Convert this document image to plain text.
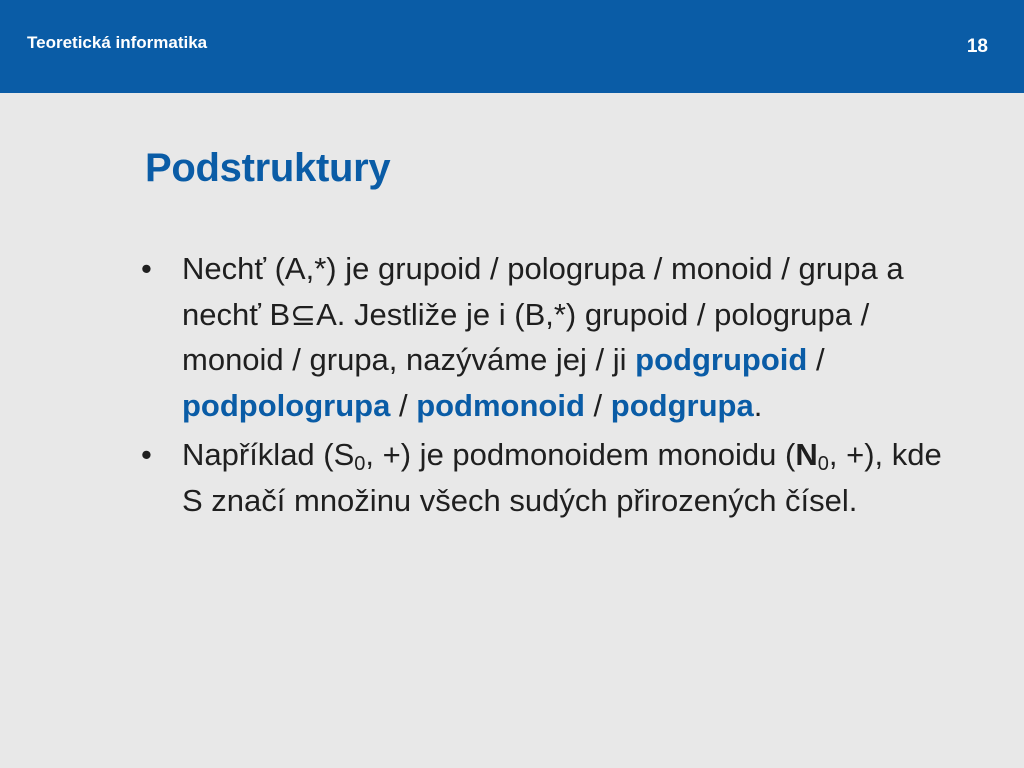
Teoretická informatika	18
Podstruktury
• Nechť (A,*) je grupoid / pologrupa / monoid / grupa a nechť B⊆A. Jestliže je i (B,*) grupoid / pologrupa / monoid / grupa, nazýváme jej / ji podgrupoid / podpologrupa / podmonoid / podgrupa.
• Například ($S_0$, +) je podmonoidem monoidu ($N_0$, +), kde S značí množinu všech sudých přirozených čísel.
